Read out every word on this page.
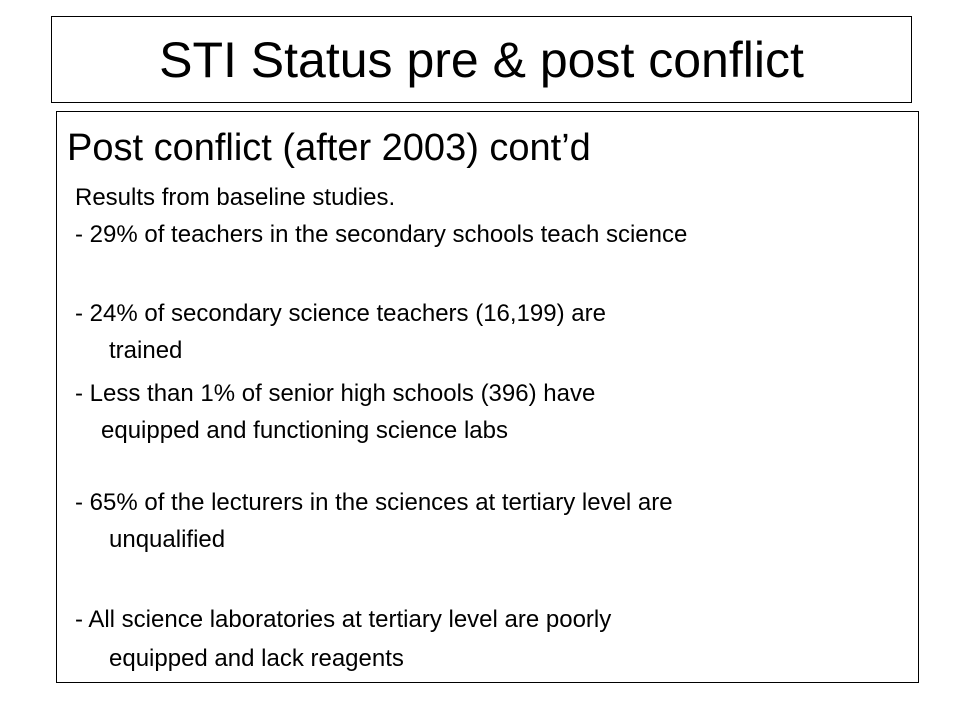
STI Status pre & post conflict
Post conflict (after 2003) cont’d
Results from baseline studies.
- 29% of teachers in the secondary schools teach science
- 24% of secondary science teachers (16,199) are
trained
- Less than 1% of senior high schools (396) have
equipped and functioning science labs
- 65% of the lecturers in the sciences at tertiary level are
unqualified
- All science laboratories at tertiary level are poorly
equipped and lack reagents
